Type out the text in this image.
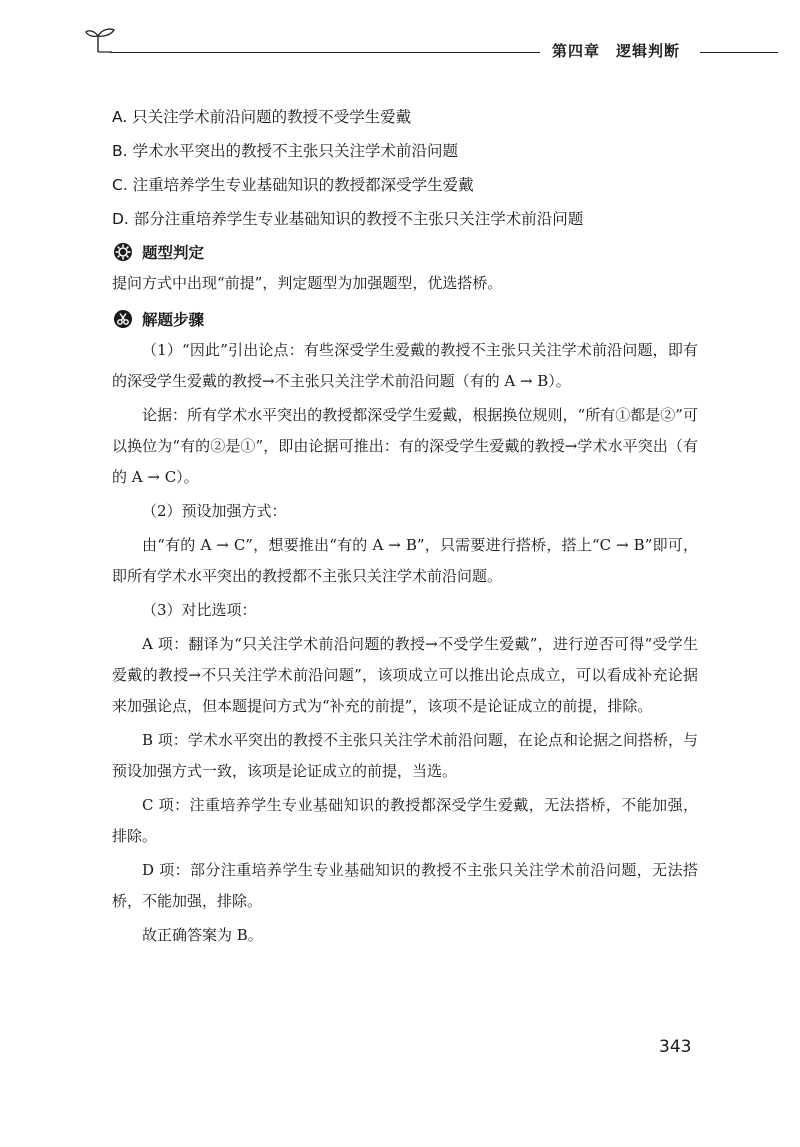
第四章 逻辑判断
A. 只关注学术前沿问题的教授不受学生爱戴
B. 学术水平突出的教授不主张只关注学术前沿问题
C. 注重培养学生专业基础知识的教授都深受学生爱戴
D. 部分注重培养学生专业基础知识的教授不主张只关注学术前沿问题
题型判定
提问方式中出现“前提”，判定题型为加强题型，优选搭桥。
解题步骤
（1）“因此”引出论点：有些深受学生爱戴的教授不主张只关注学术前沿问题，即有的深受学生爱戴的教授→不主张只关注学术前沿问题（有的 A → B）。
论据：所有学术水平突出的教授都深受学生爱戴，根据换位规则，“所有①都是②”可以换位为“有的②是①”，即由论据可推出：有的深受学生爱戴的教授→学术水平突出（有的 A → C）。
（2）预设加强方式：
由“有的 A → C”，想要推出“有的 A → B”，只需要进行搭桥，搭上“C → B”即可，即所有学术水平突出的教授都不主张只关注学术前沿问题。
（3）对比选项：
A 项：翻译为“只关注学术前沿问题的教授→不受学生爱戴”，进行逆否可得“受学生爱戴的教授→不只关注学术前沿问题”，该项成立可以推出论点成立，可以看成补充论据来加强论点，但本题提问方式为“补充的前提”，该项不是论证成立的前提，排除。
B 项：学术水平突出的教授不主张只关注学术前沿问题，在论点和论据之间搭桥，与预设加强方式一致，该项是论证成立的前提，当选。
C 项：注重培养学生专业基础知识的教授都深受学生爱戴，无法搭桥，不能加强，排除。
D 项：部分注重培养学生专业基础知识的教授不主张只关注学术前沿问题，无法搭桥，不能加强，排除。
故正确答案为 B。
343
